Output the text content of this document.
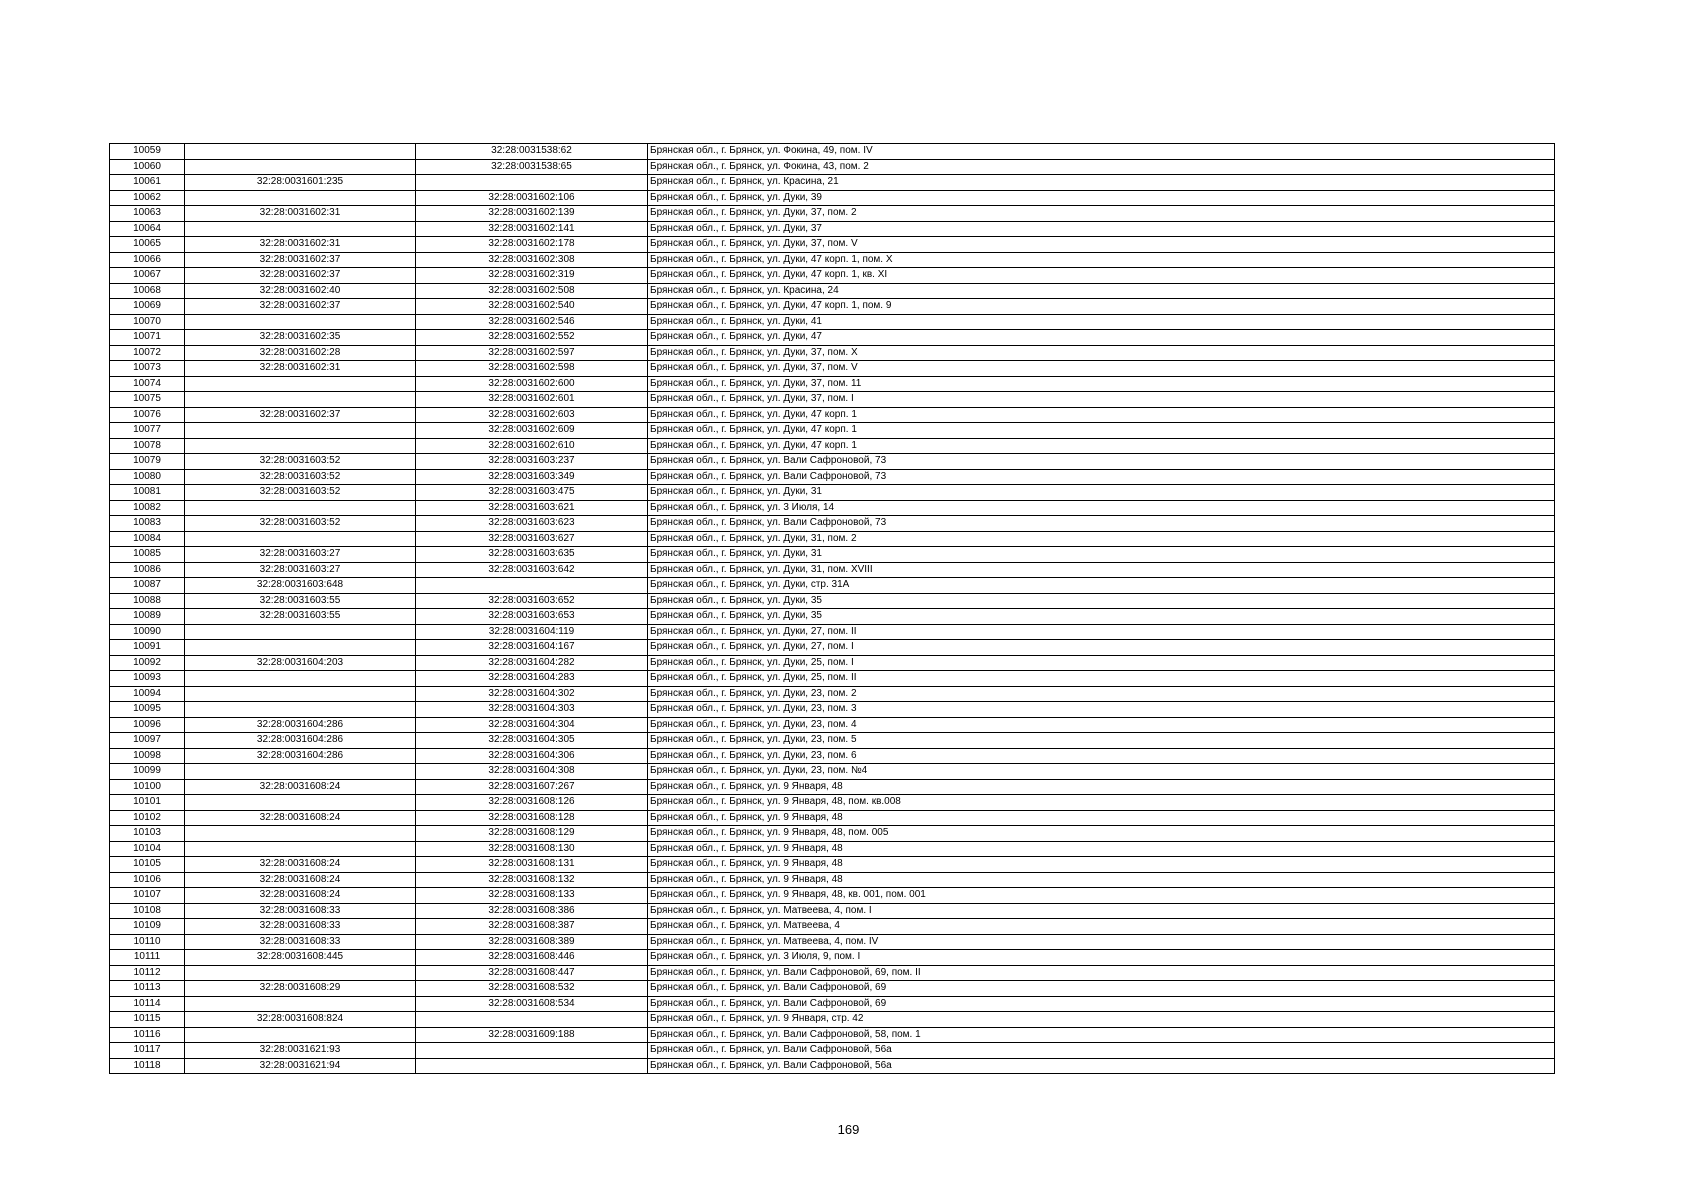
10059		32:28:0031538:62	Брянская обл., г. Брянск, ул. Фокина, 49, пом. IV
10060		32:28:0031538:65	Брянская обл., г. Брянск, ул. Фокина, 43, пом. 2
10061	32:28:0031601:235		Брянская обл., г. Брянск, ул. Красина, 21
10062		32:28:0031602:106	Брянская обл., г. Брянск, ул. Дуки, 39
10063	32:28:0031602:31	32:28:0031602:139	Брянская обл., г. Брянск, ул. Дуки, 37, пом. 2
10064		32:28:0031602:141	Брянская обл., г. Брянск, ул. Дуки, 37
10065	32:28:0031602:31	32:28:0031602:178	Брянская обл., г. Брянск, ул. Дуки, 37, пом. V
10066	32:28:0031602:37	32:28:0031602:308	Брянская обл., г. Брянск, ул. Дуки, 47 корп. 1, пом. X
10067	32:28:0031602:37	32:28:0031602:319	Брянская обл., г. Брянск, ул. Дуки, 47 корп. 1, кв. XI
10068	32:28:0031602:40	32:28:0031602:508	Брянская обл., г. Брянск, ул. Красина, 24
10069	32:28:0031602:37	32:28:0031602:540	Брянская обл., г. Брянск, ул. Дуки, 47 корп. 1, пом. 9
10070		32:28:0031602:546	Брянская обл., г. Брянск, ул. Дуки, 41
10071	32:28:0031602:35	32:28:0031602:552	Брянская обл., г. Брянск, ул. Дуки, 47
10072	32:28:0031602:28	32:28:0031602:597	Брянская обл., г. Брянск, ул. Дуки, 37, пом. X
10073	32:28:0031602:31	32:28:0031602:598	Брянская обл., г. Брянск, ул. Дуки, 37, пом. V
10074		32:28:0031602:600	Брянская обл., г. Брянск, ул. Дуки, 37, пом. 11
10075		32:28:0031602:601	Брянская обл., г. Брянск, ул. Дуки, 37, пом. I
10076	32:28:0031602:37	32:28:0031602:603	Брянская обл., г. Брянск, ул. Дуки, 47 корп. 1
10077		32:28:0031602:609	Брянская обл., г. Брянск, ул. Дуки, 47 корп. 1
10078		32:28:0031602:610	Брянская обл., г. Брянск, ул. Дуки, 47 корп. 1
10079	32:28:0031603:52	32:28:0031603:237	Брянская обл., г. Брянск, ул. Вали Сафроновой, 73
10080	32:28:0031603:52	32:28:0031603:349	Брянская обл., г. Брянск, ул. Вали Сафроновой, 73
10081	32:28:0031603:52	32:28:0031603:475	Брянская обл., г. Брянск, ул. Дуки, 31
10082		32:28:0031603:621	Брянская обл., г. Брянск, ул. 3 Июля, 14
10083	32:28:0031603:52	32:28:0031603:623	Брянская обл., г. Брянск, ул. Вали Сафроновой, 73
10084		32:28:0031603:627	Брянская обл., г. Брянск, ул. Дуки, 31, пом. 2
10085	32:28:0031603:27	32:28:0031603:635	Брянская обл., г. Брянск, ул. Дуки, 31
10086	32:28:0031603:27	32:28:0031603:642	Брянская обл., г. Брянск, ул. Дуки, 31, пом. XVIII
10087	32:28:0031603:648		Брянская обл., г. Брянск, ул. Дуки, стр. 31А
10088	32:28:0031603:55	32:28:0031603:652	Брянская обл., г. Брянск, ул. Дуки, 35
10089	32:28:0031603:55	32:28:0031603:653	Брянская обл., г. Брянск, ул. Дуки, 35
10090		32:28:0031604:119	Брянская обл., г. Брянск, ул. Дуки, 27, пом. II
10091		32:28:0031604:167	Брянская обл., г. Брянск, ул. Дуки, 27, пом. I
10092	32:28:0031604:203	32:28:0031604:282	Брянская обл., г. Брянск, ул. Дуки, 25, пом. I
10093		32:28:0031604:283	Брянская обл., г. Брянск, ул. Дуки, 25, пом. II
10094		32:28:0031604:302	Брянская обл., г. Брянск, ул. Дуки, 23, пом. 2
10095		32:28:0031604:303	Брянская обл., г. Брянск, ул. Дуки, 23, пом. 3
10096	32:28:0031604:286	32:28:0031604:304	Брянская обл., г. Брянск, ул. Дуки, 23, пом. 4
10097	32:28:0031604:286	32:28:0031604:305	Брянская обл., г. Брянск, ул. Дуки, 23, пом. 5
10098	32:28:0031604:286	32:28:0031604:306	Брянская обл., г. Брянск, ул. Дуки, 23, пом. 6
10099		32:28:0031604:308	Брянская обл., г. Брянск, ул. Дуки, 23, пом. №4
10100	32:28:0031608:24	32:28:0031607:267	Брянская обл., г. Брянск, ул. 9 Января, 48
10101		32:28:0031608:126	Брянская обл., г. Брянск, ул. 9 Января, 48, пом. кв.008
10102	32:28:0031608:24	32:28:0031608:128	Брянская обл., г. Брянск, ул. 9 Января, 48
10103		32:28:0031608:129	Брянская обл., г. Брянск, ул. 9 Января, 48, пом. 005
10104		32:28:0031608:130	Брянская обл., г. Брянск, ул. 9 Января, 48
10105	32:28:0031608:24	32:28:0031608:131	Брянская обл., г. Брянск, ул. 9 Января, 48
10106	32:28:0031608:24	32:28:0031608:132	Брянская обл., г. Брянск, ул. 9 Января, 48
10107	32:28:0031608:24	32:28:0031608:133	Брянская обл., г. Брянск, ул. 9 Января, 48, кв. 001, пом. 001
10108	32:28:0031608:33	32:28:0031608:386	Брянская обл., г. Брянск, ул. Матвеева, 4, пом. I
10109	32:28:0031608:33	32:28:0031608:387	Брянская обл., г. Брянск, ул. Матвеева, 4
10110	32:28:0031608:33	32:28:0031608:389	Брянская обл., г. Брянск, ул. Матвеева, 4, пом. IV
10111	32:28:0031608:445	32:28:0031608:446	Брянская обл., г. Брянск, ул. 3 Июля, 9, пом. I
10112		32:28:0031608:447	Брянская обл., г. Брянск, ул. Вали Сафроновой, 69, пом. II
10113	32:28:0031608:29	32:28:0031608:532	Брянская обл., г. Брянск, ул. Вали Сафроновой, 69
10114		32:28:0031608:534	Брянская обл., г. Брянск, ул. Вали Сафроновой, 69
10115	32:28:0031608:824		Брянская обл., г. Брянск, ул. 9 Января, стр. 42
10116		32:28:0031609:188	Брянская обл., г. Брянск, ул. Вали Сафроновой, 58, пом. 1
10117	32:28:0031621:93		Брянская обл., г. Брянск, ул. Вали Сафроновой, 56а
10118	32:28:0031621:94		Брянская обл., г. Брянск, ул. Вали Сафроновой, 56а
169
